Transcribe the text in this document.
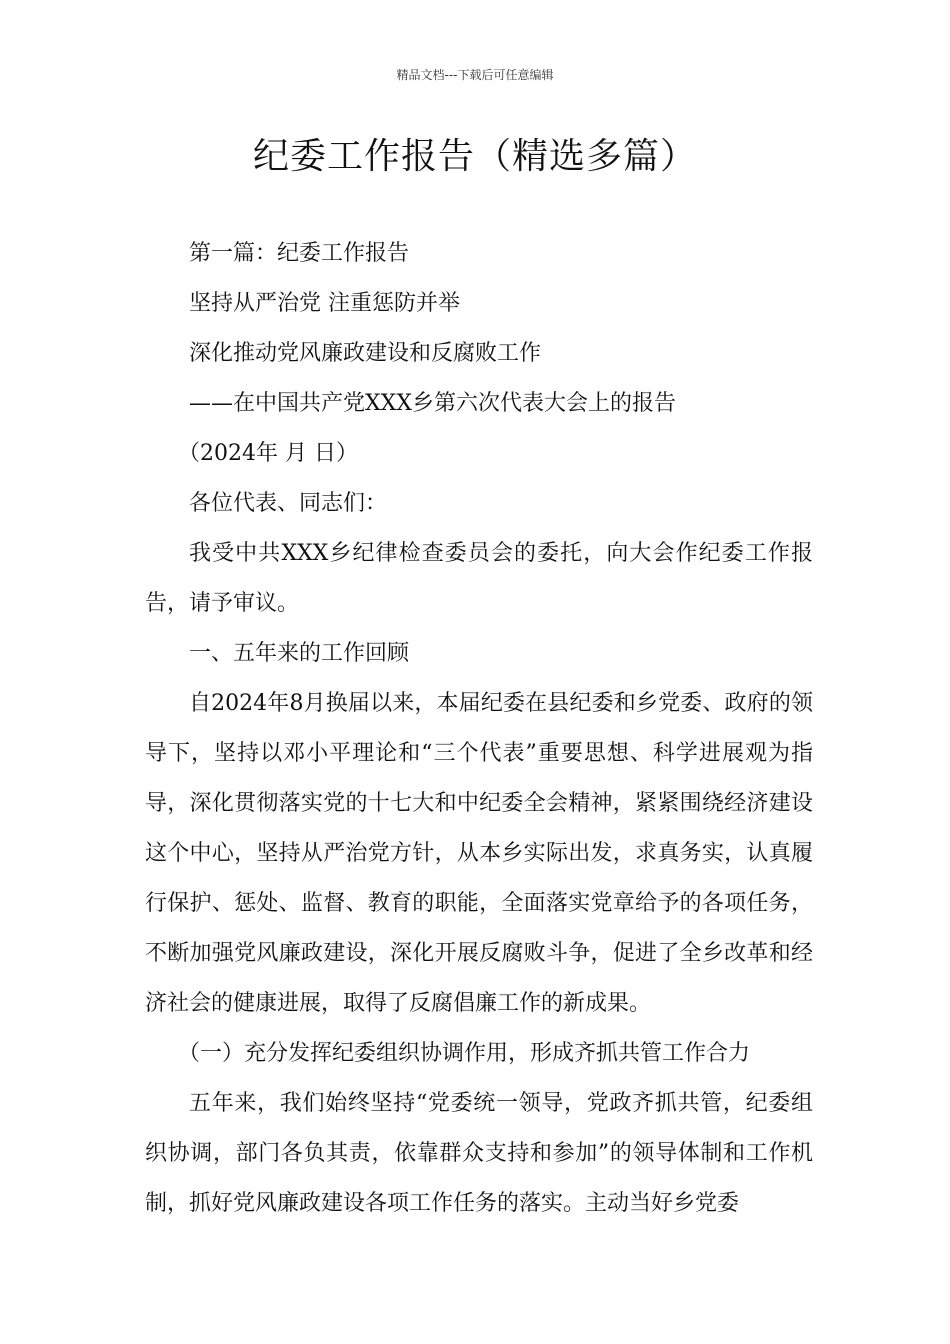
精品文档---下载后可任意编辑
纪委工作报告（精选多篇）

第一篇：纪委工作报告

坚持从严治党 注重惩防并举

深化推动党风廉政建设和反腐败工作

——在中国共产党XXX乡第六次代表大会上的报告

（2024年 月 日）

各位代表、同志们：

我受中共XXX乡纪律检查委员会的委托，向大会作纪委工作报告，请予审议。

一、五年来的工作回顾

自2024年8月换届以来，本届纪委在县纪委和乡党委、政府的领导下，坚持以邓小平理论和“三个代表”重要思想、科学进展观为指导，深化贯彻落实党的十七大和中纪委全会精神，紧紧围绕经济建设这个中心，坚持从严治党方针，从本乡实际出发，求真务实，认真履行保护、惩处、监督、教育的职能，全面落实党章给予的各项任务，不断加强党风廉政建设，深化开展反腐败斗争，促进了全乡改革和经济社会的健康进展，取得了反腐倡廉工作的新成果。

（一）充分发挥纪委组织协调作用，形成齐抓共管工作合力

五年来，我们始终坚持“党委统一领导，党政齐抓共管，纪委组织协调，部门各负其责，依靠群众支持和参加”的领导体制和工作机制，抓好党风廉政建设各项工作任务的落实。主动当好乡党委
